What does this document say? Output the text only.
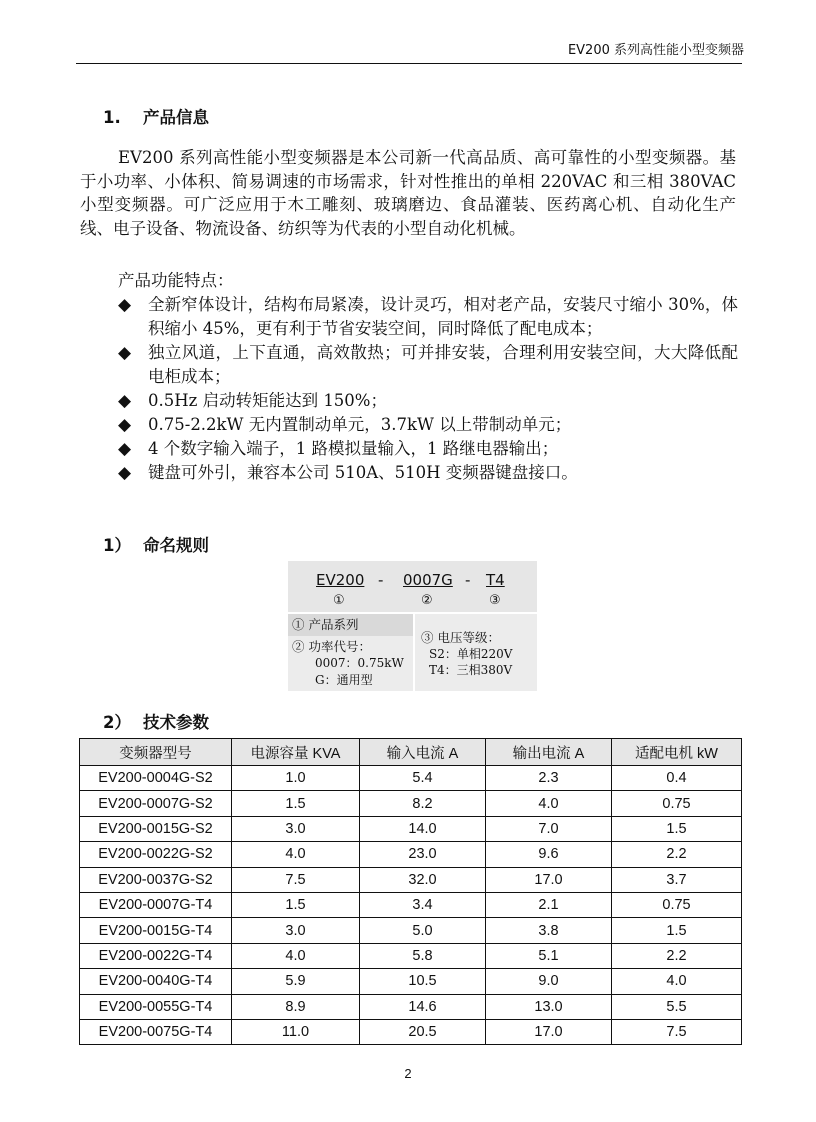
EV200 系列高性能小型变频器
1. 产品信息

EV200 系列高性能小型变频器是本公司新一代高品质、高可靠性的小型变频器。基于小功率、小体积、简易调速的市场需求，针对性推出的单相 220VAC 和三相 380VAC 小型变频器。可广泛应用于木工雕刻、玻璃磨边、食品灌装、医药离心机、自动化生产线、电子设备、物流设备、纺织等为代表的小型自动化机械。

产品功能特点：
◆ 全新窄体设计，结构布局紧凑，设计灵巧，相对老产品，安装尺寸缩小 30%，体积缩小 45%，更有利于节省安装空间，同时降低了配电成本；
◆ 独立风道，上下直通，高效散热；可并排安装，合理利用安装空间，大大降低配电柜成本；
◆ 0.5Hz 启动转矩能达到 150%；
◆ 0.75-2.2kW 无内置制动单元，3.7kW 以上带制动单元；
◆ 4 个数字输入端子，1 路模拟量输入，1 路继电器输出；
◆ 键盘可外引，兼容本公司 510A、510H 变频器键盘接口。
1） 命名规则
EV200 - 0007G - T4
①	②	③
① 产品系列
② 功率代号：
0007：0.75kW
G：通用型
③ 电压等级：
S2：单相220V
T4：三相380V
2） 技术参数
变频器型号	电源容量 KVA	输入电流 A	输出电流 A	适配电机 kW
EV200-0004G-S2	1.0	5.4	2.3	0.4
EV200-0007G-S2	1.5	8.2	4.0	0.75
EV200-0015G-S2	3.0	14.0	7.0	1.5
EV200-0022G-S2	4.0	23.0	9.6	2.2
EV200-0037G-S2	7.5	32.0	17.0	3.7
EV200-0007G-T4	1.5	3.4	2.1	0.75
EV200-0015G-T4	3.0	5.0	3.8	1.5
EV200-0022G-T4	4.0	5.8	5.1	2.2
EV200-0040G-T4	5.9	10.5	9.0	4.0
EV200-0055G-T4	8.9	14.6	13.0	5.5
EV200-0075G-T4	11.0	20.5	17.0	7.5
2
